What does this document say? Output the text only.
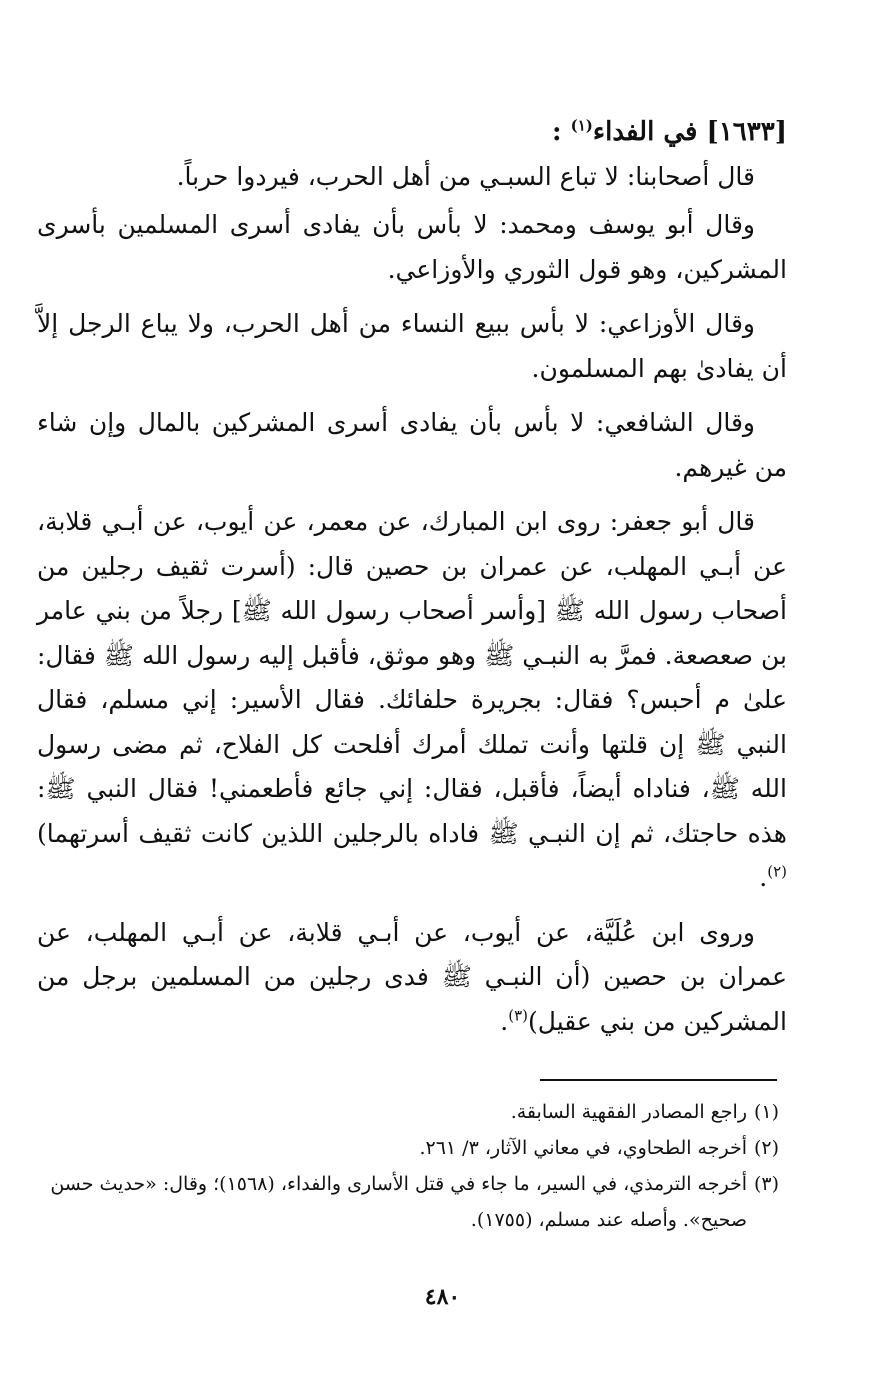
[١٦٣٣] في الفداء$^{(١)}$ :

قال أصحابنا: لا تباع السبـي من أهل الحرب، فيردوا حرباً.

وقال أبو يوسف ومحمد: لا بأس بأن يفادى أسرى المسلمين بأسرى المشركين، وهو قول الثوري والأوزاعي.

وقال الأوزاعي: لا بأس ببيع النساء من أهل الحرب، ولا يباع الرجل إلاَّ أن يفادىٰ بهم المسلمون.

وقال الشافعي: لا بأس بأن يفادى أسرى المشركين بالمال وإن شاء من غيرهم.

قال أبو جعفر: روى ابن المبارك، عن معمر، عن أيوب، عن أبـي قلابة، عن أبـي المهلب، عن عمران بن حصين قال: (أسرت ثقيف رجلين من أصحاب رسول الله ﷺ [وأسر أصحاب رسول الله ﷺ] رجلاً من بني عامر بن صعصعة. فمرَّ به النبـي ﷺ وهو موثق، فأقبل إليه رسول الله ﷺ فقال: علىٰ م أحبس؟ فقال: بجريرة حلفائك. فقال الأسير: إني مسلم، فقال النبي ﷺ إن قلتها وأنت تملك أمرك أفلحت كل الفلاح، ثم مضى رسول الله ﷺ، فناداه أيضاً، فأقبل، فقال: إني جائع فأطعمني! فقال النبي ﷺ: هذه حاجتك، ثم إن النبـي ﷺ فاداه بالرجلين اللذين كانت ثقيف أسرتهما)$^{(٢)}$.

وروى ابن عُلَيَّة، عن أيوب، عن أبـي قلابة، عن أبـي المهلب، عن عمران بن حصين (أن النبـي ﷺ فدى رجلين من المسلمين برجل من المشركين من بني عقيل)$^{(٣)}$.

(١)
راجع المصادر الفقهية السابقة.

(٢)
أخرجه الطحاوي، في معاني الآثار، ٣/ ٢٦١.

(٣)
أخرجه الترمذي، في السير، ما جاء في قتل الأسارى والفداء، (١٥٦٨)؛ وقال: «حديث حسن صحيح». وأصله عند مسلم، (١٧٥٥).

٤٨٠
